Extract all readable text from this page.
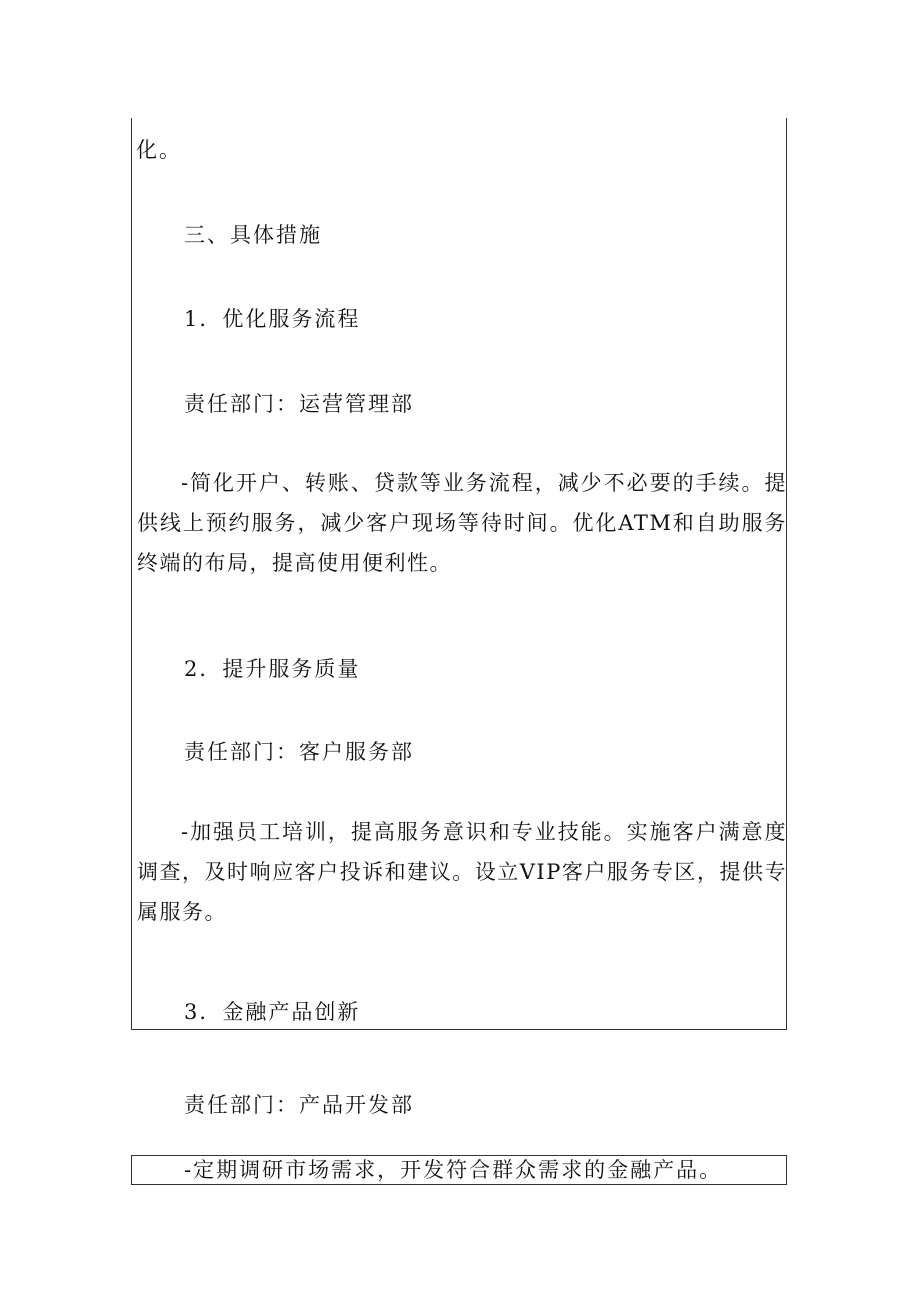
化。
三、具体措施
1．优化服务流程
责任部门：运营管理部
-简化开户、转账、贷款等业务流程，减少不必要的手续。提供线上预约服务，减少客户现场等待时间。优化ATM和自助服务终端的布局，提高使用便利性。
2．提升服务质量
责任部门：客户服务部
-加强员工培训，提高服务意识和专业技能。实施客户满意度调查，及时响应客户投诉和建议。设立VIP客户服务专区，提供专属服务。
3．金融产品创新
责任部门：产品开发部
-定期调研市场需求，开发符合群众需求的金融产品。
